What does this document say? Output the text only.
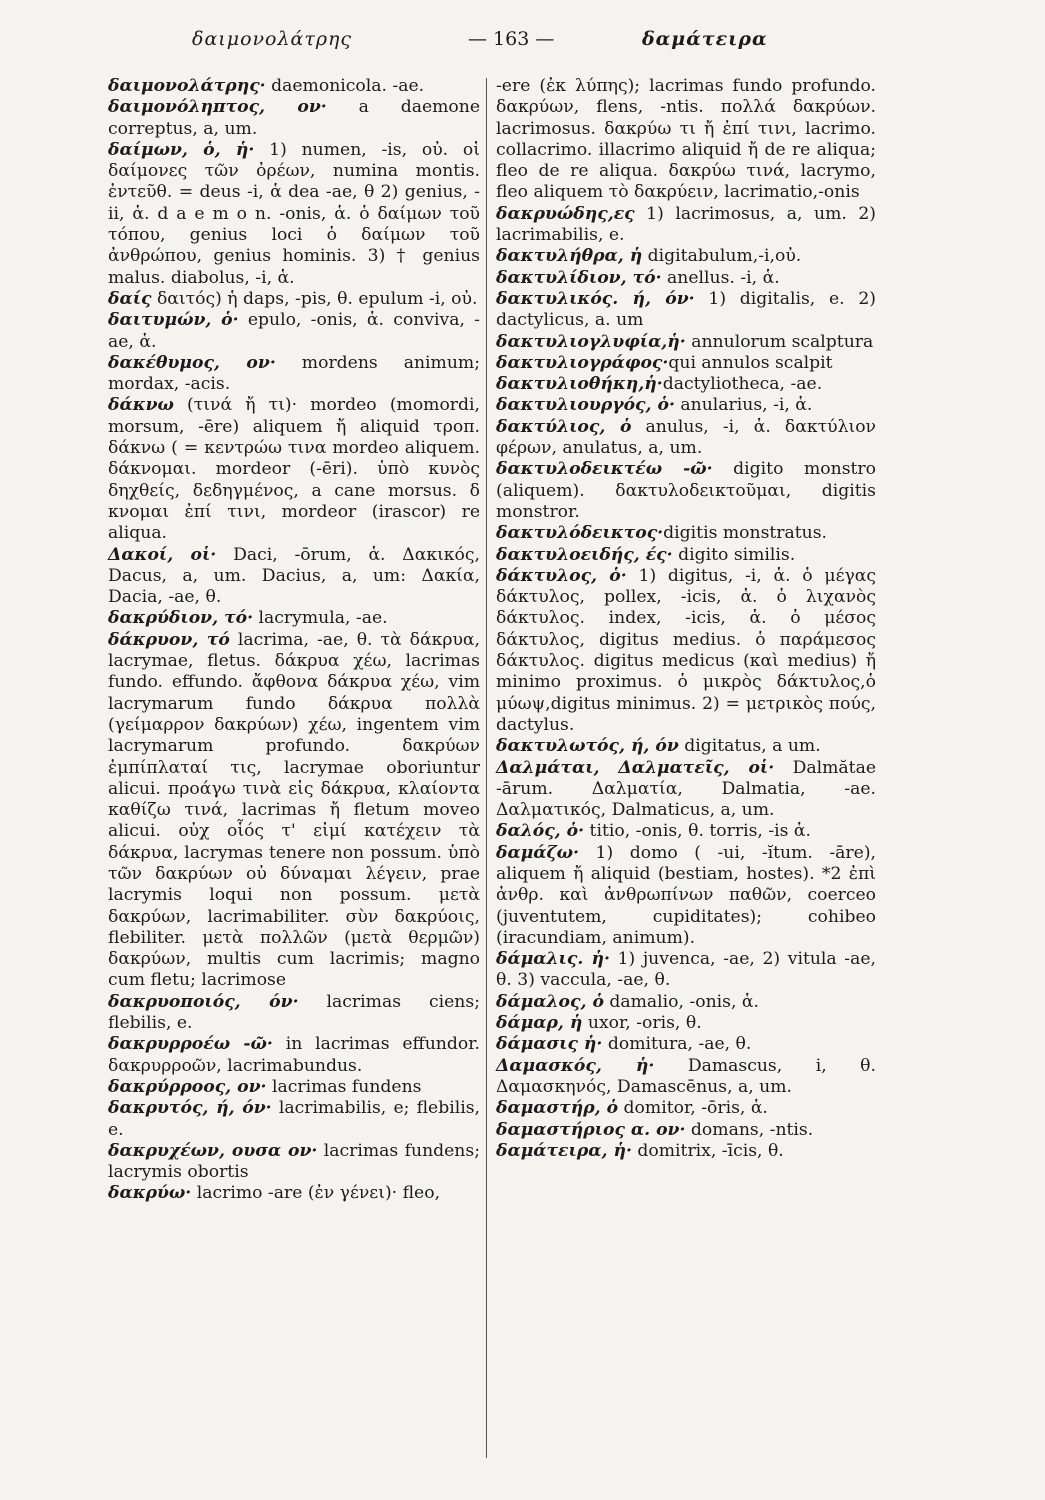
δαιμονολάτρης	— 163 —	δαμάτειρα

δαιμονολάτρης· daemonicola. -ae.

δαιμονόληπτος, ον· a daemone correptus, a, um.

δαίμων, ὁ, ἡ· 1) numen, -is, οὐ. οἱ δαίμονες τῶν ὀρέων, numina montis. ἐντεῦθ. = deus -i, ἁ dea -ae, θ 2) genius, -ii, ἁ. d a e m o n. -onis, ἁ. ὁ δαίμων τοῦ τόπου, genius loci ὁ δαίμων τοῦ ἀνθρώπου, genius hominis. 3) † genius malus. diabolus, -i, ἁ.

δαίς δαιτός) ἡ daps, -pis, θ. epulum -i, οὐ.

δαιτυμών, ὁ· epulo, -onis, ἁ. conviva, -ae, ἁ.

δακέθυμος, ον· mordens animum; mordax, -acis.

δάκνω (τινά ἤ τι)· mordeo (momordi, morsum, -ēre) aliquem ἤ aliquid τροπ. δάκνω ( = κεντρώω τινα mordeo aliquem. δάκνομαι. mordeor (-ēri). ὑπὸ κυνὸς δηχθείς, δεδηγμένος, a cane morsus. δ κνομαι ἐπί τινι, mordeor (irascor) re aliqua.

Δακοί, οἱ· Daci, -ōrum, ἁ. Δακικός, Dacus, a, um. Dacius, a, um: Δακία, Dacia, -ae, θ.

δακρύδιον, τό· lacrymula, -ae.

δάκρυον, τό lacrima, -ae, θ. τὰ δάκρυα, lacrymae, fletus. δάκρυα χέω, lacrimas fundo. effundo. ἄφθονα δάκρυα χέω, vim lacrymarum fundo δάκρυα πολλὰ (γείμαρρον δακρύων) χέω, ingentem vim lacrymarum profundo. δακρύων ἐμπίπλαταί τις, lacrymae oboriuntur alicui. προάγω τινὰ εἰς δάκρυα, κλαίοντα καθίζω τινά, lacrimas ἤ fletum moveo alicui. οὐχ οἷός τ' εἰμί κατέχειν τὰ δάκρυα, lacrymas tenere non possum. ὑπὸ τῶν δακρύων οὐ δύναμαι λέγειν, prae lacrymis loqui non possum. μετὰ δακρύων, lacrimabiliter. σὺν δακρύοις, flebiliter. μετὰ πολλῶν (μετὰ θερμῶν) δακρύων, multis cum lacrimis; magno cum fletu; lacrimose

δακρυοποιός, όν· lacrimas ciens; flebilis, e.

δακρυρροέω -ῶ· in lacrimas effundor. δακρυρροῶν, lacrimabundus.

δακρύρροος, ον· lacrimas fundens

δακρυτός, ή, όν· lacrimabilis, e; flebilis, e.

δακρυχέων, ουσα ον· lacrimas fundens; lacrymis obortis

δακρύω· lacrimo -are (ἐν γένει)· fleo,

-ere (ἐκ λύπης); lacrimas fundo profundo. δακρύων, flens, -ntis. πολλά δακρύων. lacrimosus. δακρύω τι ἤ ἐπί τινι, lacrimo. collacrimo. illacrimo aliquid ἤ de re aliqua; fleo de re aliqua. δακρύω τινά, lacrymo, fleo aliquem τὸ δακρύειν, lacrimatio,-onis

δακρυώδης,ες 1) lacrimosus, a, um. 2) lacrimabilis, e.

δακτυλήθρα, ἡ digitabulum,-i,οὐ.

δακτυλίδιον, τό· anellus. -i, ἁ.

δακτυλικός. ή, όν· 1) digitalis, e. 2) dactylicus, a. um

δακτυλιογλυφία,ἡ· annulorum scalptura

δακτυλιογράφος·qui annulos scalpit

δακτυλιοθήκη,ἡ·dactyliotheca, -ae.

δακτυλιουργός, ὁ· anularius, -i, ἁ.

δακτύλιος, ὁ anulus, -i, ἁ. δακτύλιον φέρων, anulatus, a, um.

δακτυλοδεικτέω -ῶ· digito monstro (aliquem). δακτυλοδεικτοῦμαι, digitis monstror.

δακτυλόδεικτος·digitis monstratus.

δακτυλοειδής, ές· digito similis.

δάκτυλος, ὁ· 1) digitus, -i, ἁ. ὁ μέγας δάκτυλος, pollex, -icis, ἁ. ὁ λιχανὸς δάκτυλος. index, -icis, ἁ. ὁ μέσος δάκτυλος, digitus medius. ὁ παράμεσος δάκτυλος. digitus medicus (καὶ medius) ἤ minimo proximus. ὁ μικρὸς δάκτυλος,ὁ μύωψ,digitus minimus. 2) = μετρικὸς πούς, dactylus.

δακτυλωτός, ή, όν digitatus, a um.

Δαλμάται, Δαλματεῖς, οἱ· Dalmătae -ārum. Δαλματία, Dalmatia, -ae. Δαλματικός, Dalmaticus, a, um.

δαλός, ὁ· titio, -onis, θ. torris, -is ἁ.

δαμάζω· 1) domo ( -ui, -ĭtum. -āre), aliquem ἤ aliquid (bestiam, hostes). *2 ἐπὶ ἀνθρ. καὶ ἀνθρωπίνων παθῶν, coerceo (juventutem, cupiditates); cohibeo (iracundiam, animum).

δάμαλις. ἡ· 1) juvenca, -ae, 2) vitula -ae, θ. 3) vaccula, -ae, θ.

δάμαλος, ὁ damalio, -onis, ἁ.

δάμαρ, ἡ uxor, -oris, θ.

δάμασις ἡ· domitura, -ae, θ.

Δαμασκός, ἡ· Damascus, i, θ. Δαμασκηνός, Damascēnus, a, um.

δαμαστήρ, ὁ domitor, -ōris, ἁ.

δαμαστήριος α. ον· domans, -ntis.

δαμάτειρα, ἡ· domitrix, -īcis, θ.
